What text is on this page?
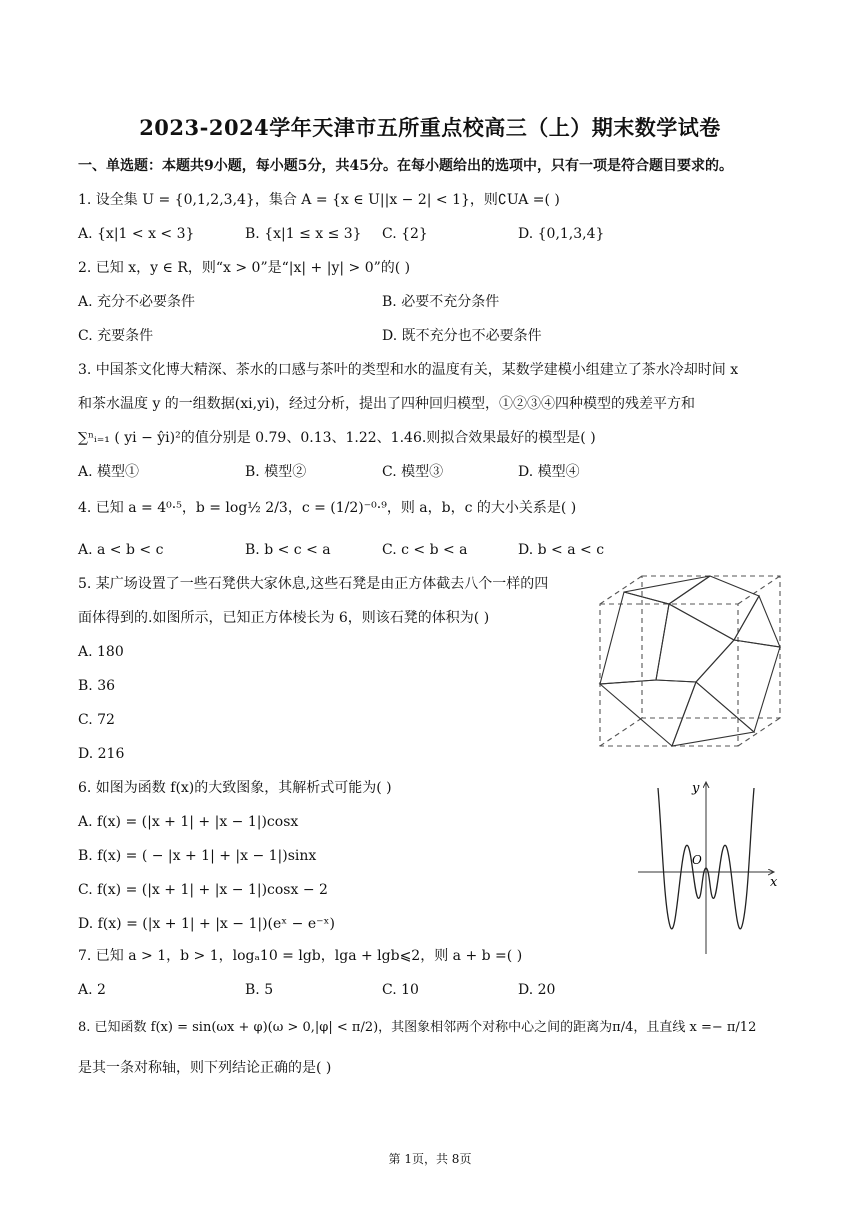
2023-2024学年天津市五所重点校高三（上）期末数学试卷
一、单选题：本题共9小题，每小题5分，共45分。在每小题给出的选项中，只有一项是符合题目要求的。
1. 设全集 U = {0,1,2,3,4}，集合 A = {x ∈ U||x − 2| < 1}，则∁UA =( )
A. {x|1 < x < 3}	B. {x|1 ≤ x ≤ 3} C. {2}	D. {0,1,3,4}
2. 已知 x，y ∈ R，则“x > 0”是“|x| + |y| > 0”的( )
A. 充分不必要条件	B. 必要不充分条件
C. 充要条件	D. 既不充分也不必要条件
3. 中国茶文化博大精深、茶水的口感与茶叶的类型和水的温度有关，某数学建模小组建立了茶水冷却时间 x
和茶水温度 y 的一组数据(xi,yi)，经过分析，提出了四种回归模型，①②③④四种模型的残差平方和
∑ⁿᵢ₌₁ ( yi − ŷi)²的值分别是 0.79、0.13、1.22、1.46.则拟合效果最好的模型是( )
A. 模型①	B. 模型②	C. 模型③	D. 模型④
4. 已知 a = 4⁰·⁵，b = log½ 2/3，c = (1/2)⁻⁰·⁹，则 a，b，c 的大小关系是( )
A. a < b < c	B. b < c < a	C. c < b < a	D. b < a < c
5. 某广场设置了一些石凳供大家休息,这些石凳是由正方体截去八个一样的四
面体得到的.如图所示，已知正方体棱长为 6，则该石凳的体积为( )
A. 180
B. 36
C. 72
D. 216
6. 如图为函数 f(x)的大致图象，其解析式可能为( )
A. f(x) = (|x + 1| + |x − 1|)cosx
B. f(x) = ( − |x + 1| + |x − 1|)sinx
C. f(x) = (|x + 1| + |x − 1|)cosx − 2
D. f(x) = (|x + 1| + |x − 1|)(eˣ − e⁻ˣ)
y
x
O
7. 已知 a > 1，b > 1，logₐ10 = lgb，lga + lgb⩽2，则 a + b =( )
A. 2	B. 5	C. 10	D. 20
8. 已知函数 f(x) = sin(ωx + φ)(ω > 0,|φ| < π/2)，其图象相邻两个对称中心之间的距离为π/4，且直线 x =− π/12
是其一条对称轴，则下列结论正确的是( )
第 1页，共 8页
